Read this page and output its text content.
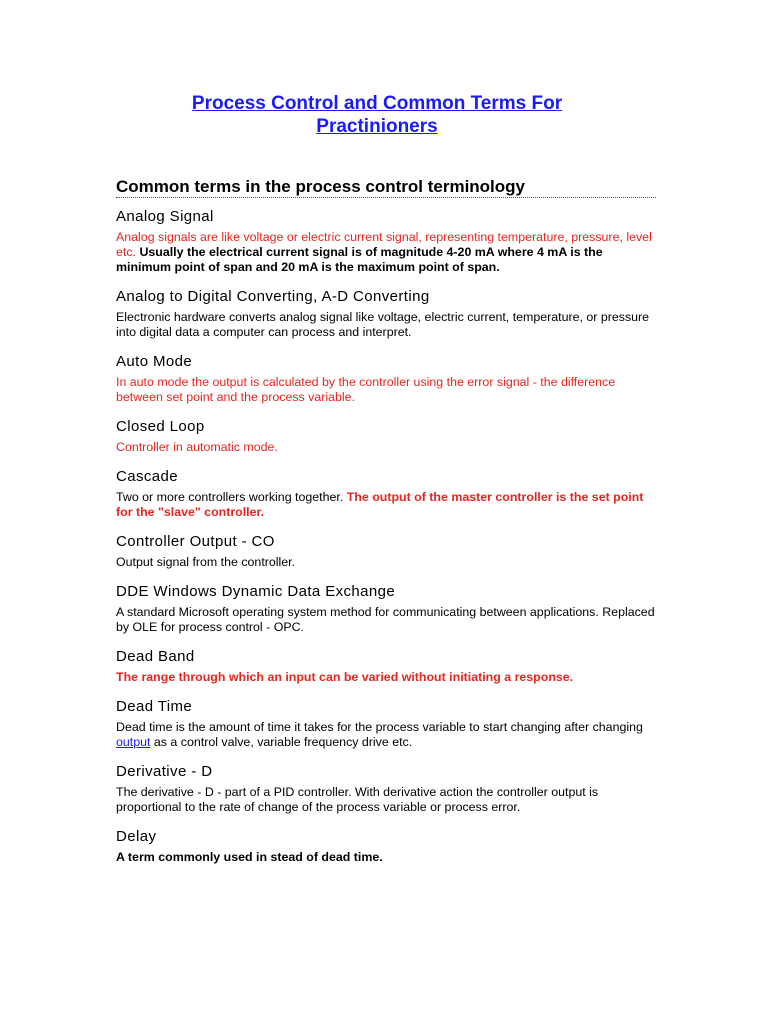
Process Control and Common Terms For
Practinioners
Common terms in the process control terminology
Analog Signal

Analog signals are like voltage or electric current signal, representing temperature, pressure, level etc. Usually the electrical current signal is of magnitude 4-20 mA where 4 mA is the minimum point of span and 20 mA is the maximum point of span.

Analog to Digital Converting, A-D Converting

Electronic hardware converts analog signal like voltage, electric current, temperature, or pressure into digital data a computer can process and interpret.

Auto Mode

In auto mode the output is calculated by the controller using the error signal - the difference between set point and the process variable.

Closed Loop

Controller in automatic mode.

Cascade

Two or more controllers working together. The output of the master controller is the set point for the "slave" controller.

Controller Output - CO

Output signal from the controller.

DDE Windows Dynamic Data Exchange

A standard Microsoft operating system method for communicating between applications. Replaced by OLE for process control - OPC.

Dead Band

The range through which an input can be varied without initiating a response.

Dead Time

Dead time is the amount of time it takes for the process variable to start changing after changing output as a control valve, variable frequency drive etc.

Derivative - D

The derivative - D - part of a PID controller. With derivative action the controller output is proportional to the rate of change of the process variable or process error.

Delay

A term commonly used in stead of dead time.
